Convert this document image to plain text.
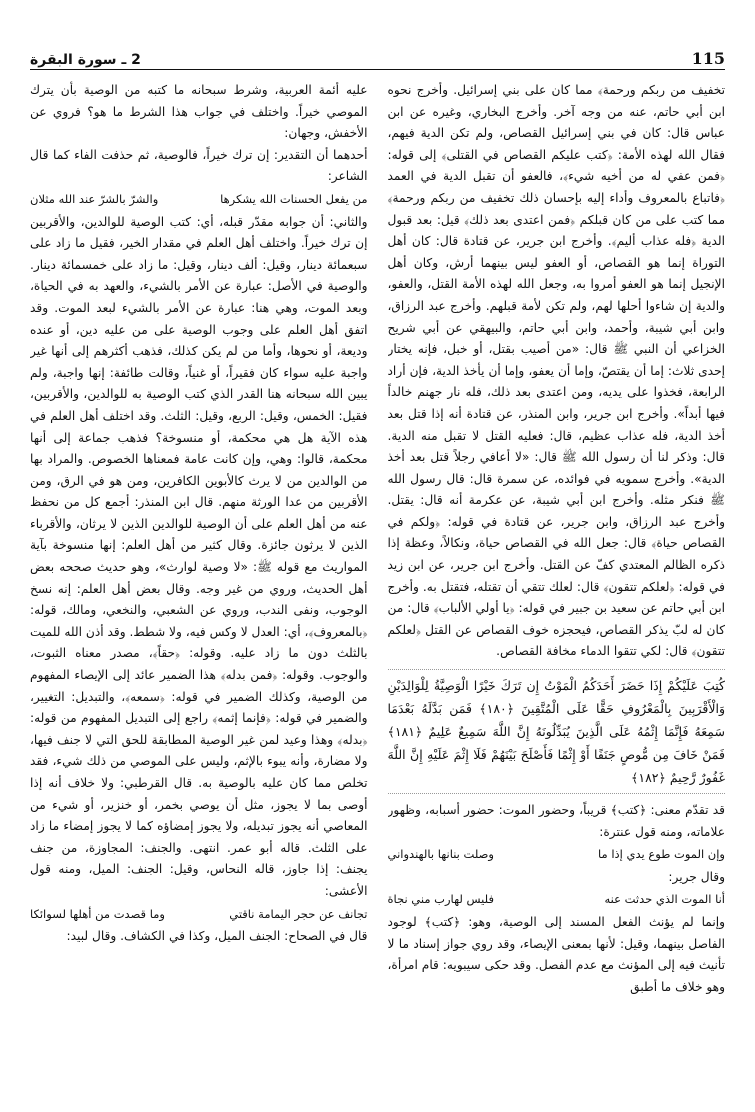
115
2 ـ سورة البقرة

تخفيف من ربكم ورحمة﴾ مما كان على بني إسرائيل. وأخرج نحوه ابن أبي حاتم، عنه من وجه آخر. وأخرج البخاري، وغيره عن ابن عباس قال: كان في بني إسرائيل القصاص، ولم تكن الدية فيهم، فقال الله لهذه الأمة: ﴿كتب عليكم القصاص في القتلى﴾ إلى قوله: ﴿فمن عفي له من أخيه شيء﴾، فالعفو أن تقبل الدية في العمد ﴿فاتباع بالمعروف وأداء إليه بإحسان ذلك تخفيف من ربكم ورحمة﴾ مما كتب على من كان قبلكم ﴿فمن اعتدى بعد ذلك﴾ قيل: بعد قبول الدية ﴿فله عذاب أليم﴾. وأخرج ابن جرير، عن قتادة قال: كان أهل التوراة إنما هو القصاص، أو العفو ليس بينهما أرش، وكان أهل الإنجيل إنما هو العفو أمروا به، وجعل الله لهذه الأمة القتل، والعفو، والدية إن شاءوا أحلها لهم، ولم تكن لأمة قبلهم. وأخرج عبد الرزاق، وابن أبي شيبة، وأحمد، وابن أبي حاتم، والبيهقي عن أبي شريح الخزاعي أن النبي ﷺ قال: «من أصيب بقتل، أو خبل، فإنه يختار إحدى ثلاث: إما أن يقتصّ، وإما أن يعفو، وإما أن يأخذ الدية، فإن أراد الرابعة، فخذوا على يديه، ومن اعتدى بعد ذلك، فله نار جهنم خالداً فيها أبداً». وأخرج ابن جرير، وابن المنذر، عن قتادة أنه إذا قتل بعد أخذ الدية، فله عذاب عظيم، قال: فعليه القتل لا تقبل منه الدية. قال: وذكر لنا أن رسول الله ﷺ قال: «لا أعافي رجلاً قتل بعد أخذ الدية». وأخرج سمويه في فوائده، عن سمرة قال: قال رسول الله ﷺ فنكر مثله. وأخرج ابن أبي شيبة، عن عكرمة أنه قال: يقتل. وأخرج عبد الرزاق، وابن جرير، عن قتادة في قوله: ﴿ولكم في القصاص حياة﴾ قال: جعل الله في القصاص حياة، ونكالاً، وعظة إذا ذكره الظالم المعتدي كفّ عن القتل. وأخرج ابن جرير، عن ابن زيد في قوله: ﴿لعلكم تتقون﴾ قال: لعلك تتقي أن تقتله، فتقتل به. وأخرج ابن أبي حاتم عن سعيد بن جبير في قوله: ﴿يا أولي الألباب﴾ قال: من كان له لبّ يذكر القصاص، فيحجزه خوف القصاص عن القتل ﴿لعلكم تتقون﴾ قال: لكي تتقوا الدماء مخافة القصاص.

كُتِبَ عَلَيْكُمْ إِذَا حَضَرَ أَحَدَكُمُ الْمَوْتُ إِن تَرَكَ خَيْرًا الْوَصِيَّةُ لِلْوَالِدَيْنِ وَالْأَقْرَبِينَ بِالْمَعْرُوفِ حَقًّا عَلَى الْمُتَّقِينَ ﴿١٨٠﴾ فَمَن بَدَّلَهُ بَعْدَمَا سَمِعَهُ فَإِنَّمَا إِثْمُهُ عَلَى الَّذِينَ يُبَدِّلُونَهُ إِنَّ اللَّهَ سَمِيعٌ عَلِيمٌ ﴿١٨١﴾ فَمَنْ خَافَ مِن مُّوصٍ جَنَفًا أَوْ إِثْمًا فَأَصْلَحَ بَيْنَهُمْ فَلَا إِثْمَ عَلَيْهِ إِنَّ اللَّهَ غَفُورٌ رَّحِيمٌ ﴿١٨٢﴾

قد تقدّم معنى: ﴿كتب﴾ قريباً، وحضور الموت: حضور أسبابه، وظهور علاماته، ومنه قول عنترة:

وإن الموت طوع يدي إذا ما
وصلت بنانها بالهندواني

وقال جرير:

أنا الموت الذي حدثت عنه
فليس لهارب مني نجاة

وإنما لم يؤنث الفعل المسند إلى الوصية، وهو: ﴿كتب﴾ لوجود الفاصل بينهما، وقيل: لأنها بمعنى الإيصاء، وقد روي جواز إسناد ما لا تأنيث فيه إلى المؤنث مع عدم الفصل. وقد حكى سيبويه: قام امرأة، وهو خلاف ما أطبق

عليه أئمة العربية، وشرط سبحانه ما كتبه من الوصية بأن يترك الموصي خيراً. واختلف في جواب هذا الشرط ما هو؟ فروي عن الأخفش، وجهان:

أحدهما أن التقدير: إن ترك خيراً، فالوصية، ثم حذفت الفاء كما قال الشاعر:

من يفعل الحسنات الله يشكرها
والشرّ بالشرّ عند الله مثلان

والثاني: أن جوابه مقدّر قبله، أي: كتب الوصية للوالدين، والأقربين إن ترك خيراً. واختلف أهل العلم في مقدار الخير، فقيل ما زاد على سبعمائة دينار، وقيل: ألف دينار، وقيل: ما زاد على خمسمائة دينار. والوصية في الأصل: عبارة عن الأمر بالشيء، والعهد به في الحياة، وبعد الموت، وهي هنا: عبارة عن الأمر بالشيء لبعد الموت. وقد اتفق أهل العلم على وجوب الوصية على من عليه دين، أو عنده وديعة، أو نحوها، وأما من لم يكن كذلك، فذهب أكثرهم إلى أنها غير واجبة عليه سواء كان فقيراً، أو غنياً، وقالت طائفة: إنها واجبة، ولم يبين الله سبحانه هنا القدر الذي كتب الوصية به للوالدين، والأقربين، فقيل: الخمس، وقيل: الربع، وقيل: الثلث. وقد اختلف أهل العلم في هذه الآية هل هي محكمة، أو منسوخة؟ فذهب جماعة إلى أنها محكمة، قالوا: وهي، وإن كانت عامة فمعناها الخصوص. والمراد بها من الوالدين من لا يرث كالأبوين الكافرين، ومن هو في الرق، ومن الأقربين من عدا الورثة منهم. قال ابن المنذر: أجمع كل من نحفظ عنه من أهل العلم على أن الوصية للوالدين الذين لا يرثان، والأقرباء الذين لا يرثون جائزة. وقال كثير من أهل العلم: إنها منسوخة بآية المواريث مع قوله ﷺ: «لا وصية لوارث»، وهو حديث صححه بعض أهل الحديث، وروي من غير وجه. وقال بعض أهل العلم: إنه نسخ الوجوب، ونفى الندب، وروي عن الشعبي، والنخعي، ومالك، قوله: ﴿بالمعروف﴾، أي: العدل لا وكس فيه، ولا شطط. وقد أذن الله للميت بالثلث دون ما زاد عليه. وقوله: ﴿حقاً﴾، مصدر معناه الثبوت، والوجوب. وقوله: ﴿فمن بدله﴾ هذا الضمير عائد إلى الإيصاء المفهوم من الوصية، وكذلك الضمير في قوله: ﴿سمعه﴾، والتبديل: التغيير، والضمير في قوله: ﴿فإنما إثمه﴾ راجع إلى التبديل المفهوم من قوله: ﴿بدله﴾ وهذا وعيد لمن غير الوصية المطابقة للحق التي لا جنف فيها، ولا مضارة، وأنه يبوء بالإثم، وليس على الموصي من ذلك شيء، فقد تخلص مما كان عليه بالوصية به. قال القرطبي: ولا خلاف أنه إذا أوصى بما لا يجوز، مثل أن يوصي بخمر، أو خنزير، أو شيء من المعاصي أنه يجوز تبديله، ولا يجوز إمضاؤه كما لا يجوز إمضاء ما زاد على الثلث. قاله أبو عمر. انتهى. والجنف: المجاوزة، من جنف يجنف: إذا جاوز، قاله النحاس، وقيل: الجنف: الميل، ومنه قول الأعشى:

تجانف عن حجر اليمامة ناقتي
وما قصدت من أهلها لسوائكا

قال في الصحاح: الجنف الميل، وكذا في الكشاف. وقال لبيد:
